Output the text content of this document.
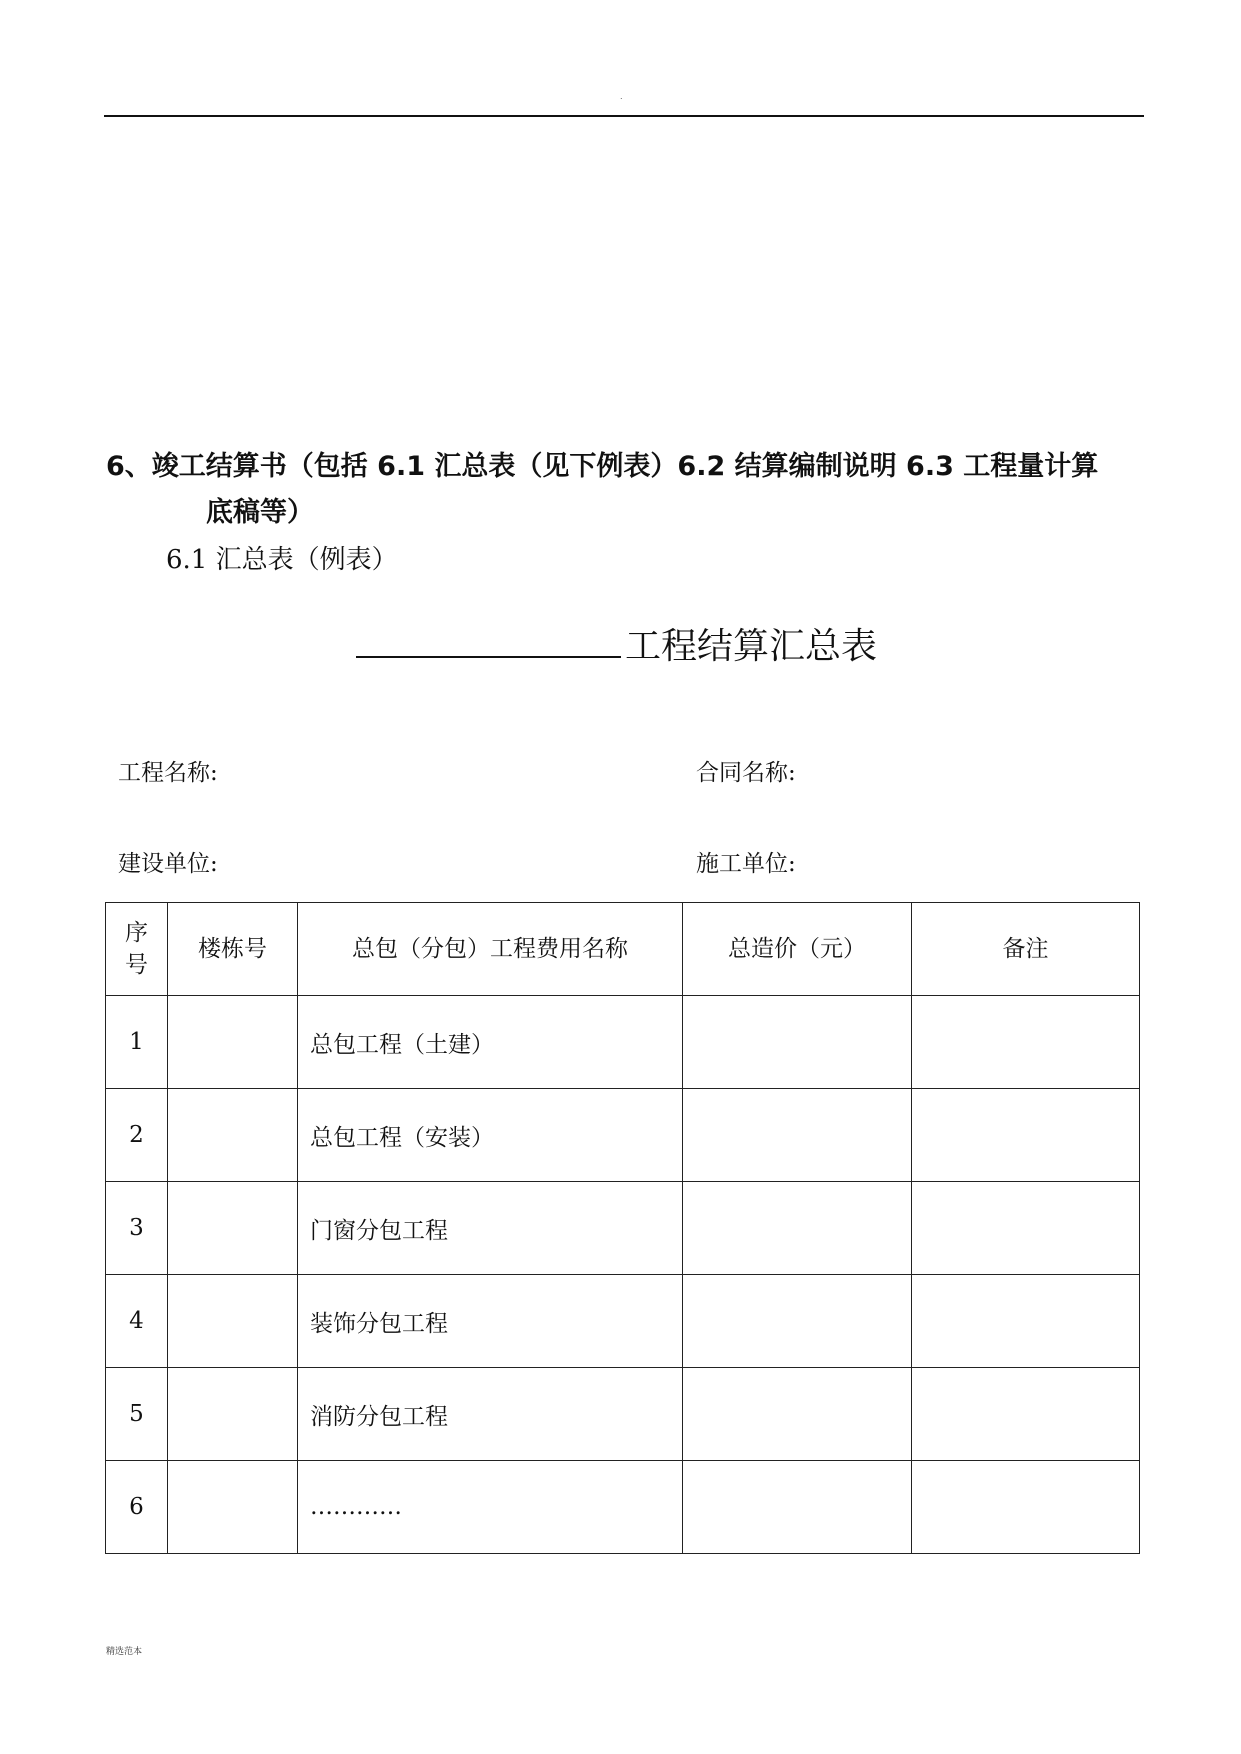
.
6、竣工结算书（包括 6.1 汇总表（见下例表）6.2 结算编制说明 6.3 工程量计算
底稿等）
6.1 汇总表（例表）
工程结算汇总表
工程名称:	合同名称:
建设单位:	施工单位:
序
号	楼栋号	总包（分包）工程费用名称	总造价（元）	备注
1		总包工程（土建）		
2		总包工程（安装）		
3		门窗分包工程		
4		装饰分包工程		
5		消防分包工程		
6		…………		
精选范本
